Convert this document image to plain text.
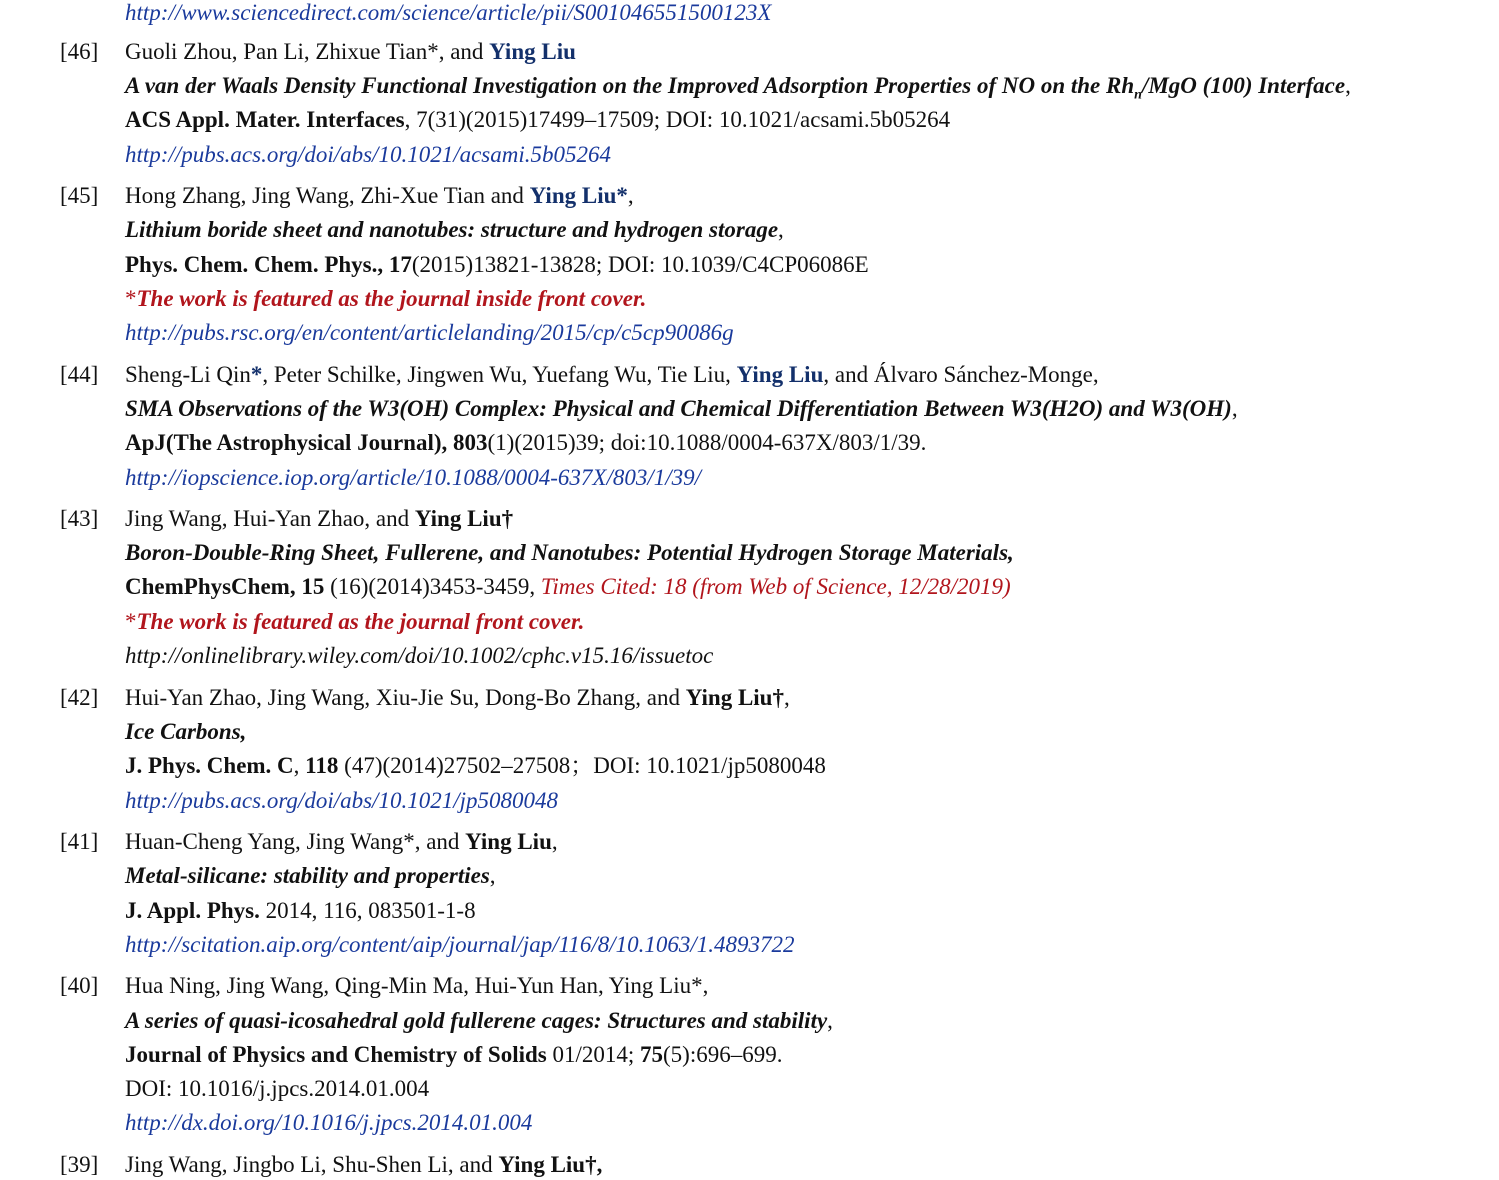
http://www.sciencedirect.com/science/article/pii/S001046551500123X
[46] Guoli Zhou, Pan Li, Zhixue Tian*, and Ying Liu
A van der Waals Density Functional Investigation on the Improved Adsorption Properties of NO on the $Rh_n$/MgO (100) Interface,
ACS Appl. Mater. Interfaces, 7(31)(2015)17499–17509; DOI: 10.1021/acsami.5b05264
http://pubs.acs.org/doi/abs/10.1021/acsami.5b05264
[45] Hong Zhang, Jing Wang, Zhi-Xue Tian and Ying Liu*,
Lithium boride sheet and nanotubes: structure and hydrogen storage,
Phys. Chem. Chem. Phys., 17(2015)13821-13828; DOI: 10.1039/C4CP06086E
*The work is featured as the journal inside front cover.
http://pubs.rsc.org/en/content/articlelanding/2015/cp/c5cp90086g
[44] Sheng-Li Qin*, Peter Schilke, Jingwen Wu, Yuefang Wu, Tie Liu, Ying Liu, and Álvaro Sánchez-Monge,
SMA Observations of the W3(OH) Complex: Physical and Chemical Differentiation Between W3(H2O) and W3(OH),
ApJ(The Astrophysical Journal), 803(1)(2015)39; doi:10.1088/0004-637X/803/1/39.
http://iopscience.iop.org/article/10.1088/0004-637X/803/1/39/
[43] Jing Wang, Hui-Yan Zhao, and Ying Liu†
Boron-Double-Ring Sheet, Fullerene, and Nanotubes: Potential Hydrogen Storage Materials,
ChemPhysChem, 15 (16)(2014)3453-3459, Times Cited: 18 (from Web of Science, 12/28/2019)
*The work is featured as the journal front cover.
http://onlinelibrary.wiley.com/doi/10.1002/cphc.v15.16/issuetoc
[42] Hui-Yan Zhao, Jing Wang, Xiu-Jie Su, Dong-Bo Zhang, and Ying Liu†,
Ice Carbons,
J. Phys. Chem. C, 118 (47)(2014)27502–27508；DOI: 10.1021/jp5080048
http://pubs.acs.org/doi/abs/10.1021/jp5080048
[41] Huan-Cheng Yang, Jing Wang*, and Ying Liu,
Metal-silicane: stability and properties,
J. Appl. Phys. 2014, 116, 083501-1-8
http://scitation.aip.org/content/aip/journal/jap/116/8/10.1063/1.4893722
[40] Hua Ning, Jing Wang, Qing-Min Ma, Hui-Yun Han, Ying Liu*,
A series of quasi-icosahedral gold fullerene cages: Structures and stability,
Journal of Physics and Chemistry of Solids 01/2014; 75(5):696–699.
DOI: 10.1016/j.jpcs.2014.01.004
http://dx.doi.org/10.1016/j.jpcs.2014.01.004
[39] Jing Wang, Jingbo Li, Shu-Shen Li, and Ying Liu†,
